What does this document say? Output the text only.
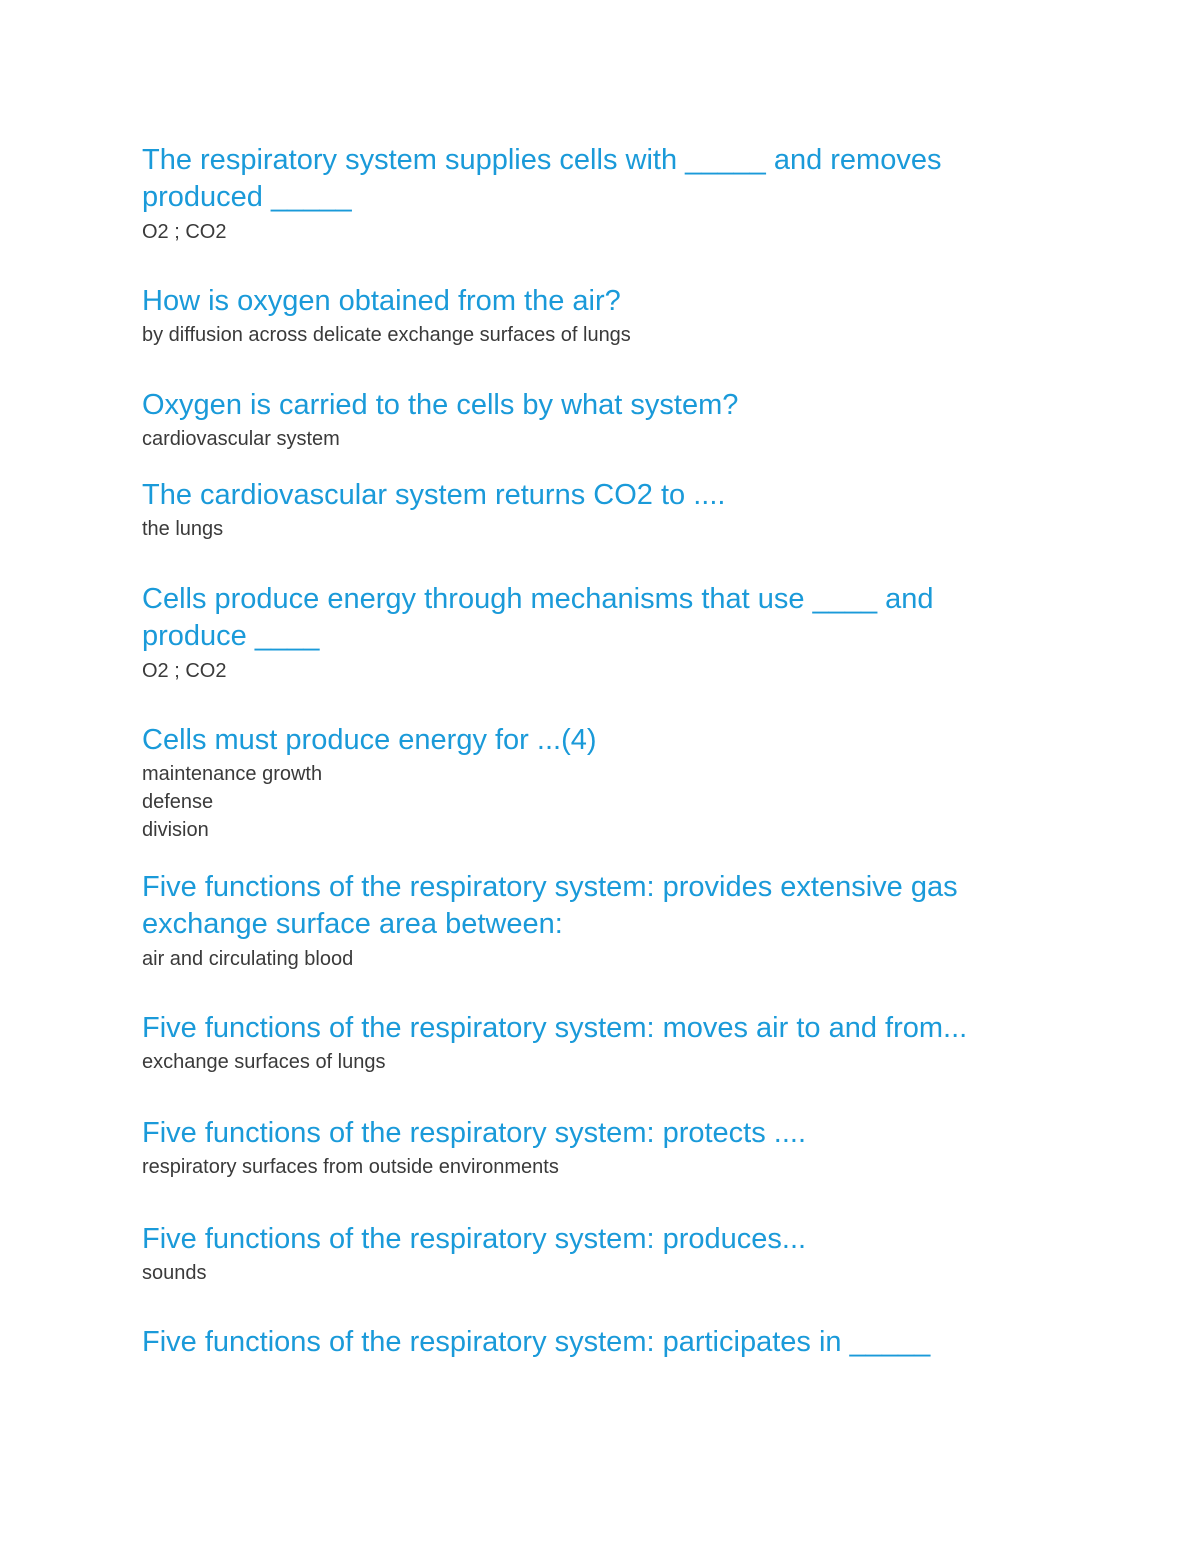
The respiratory system supplies cells with _____ and removes produced _____

O2 ; CO2

How is oxygen obtained from the air?

by diffusion across delicate exchange surfaces of lungs

Oxygen is carried to the cells by what system?

cardiovascular system

The cardiovascular system returns CO2 to ....

the lungs

Cells produce energy through mechanisms that use ____ and produce ____

O2 ; CO2

Cells must produce energy for ...(4)

maintenance growth
defense
division

Five functions of the respiratory system: provides extensive gas exchange surface area between:

air and circulating blood

Five functions of the respiratory system: moves air to and from...

exchange surfaces of lungs

Five functions of the respiratory system: protects ....

respiratory surfaces from outside environments

Five functions of the respiratory system: produces...

sounds

Five functions of the respiratory system: participates in _____
